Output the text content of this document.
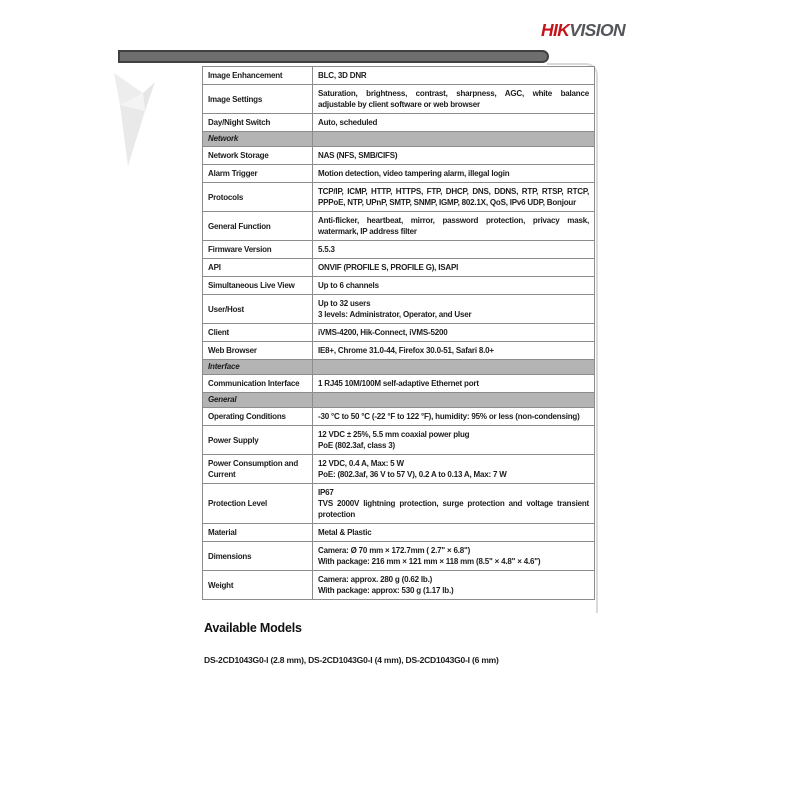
HIKVISION
Image Enhancement	BLC, 3D DNR

Image Settings	Saturation, brightness, contrast, sharpness, AGC, white balance adjustable by client software or web browser

Day/Night Switch	Auto, scheduled

Network	
Network Storage	NAS (NFS, SMB/CIFS)

Alarm Trigger	Motion detection, video tampering alarm, illegal login

Protocols	TCP/IP, ICMP, HTTP, HTTPS, FTP, DHCP, DNS, DDNS, RTP, RTSP, RTCP, PPPoE, NTP, UPnP, SMTP, SNMP, IGMP, 802.1X, QoS, IPv6 UDP, Bonjour

General Function	Anti-flicker, heartbeat, mirror, password protection, privacy mask, watermark, IP address filter

Firmware Version	5.5.3

API	ONVIF (PROFILE S, PROFILE G), ISAPI

Simultaneous Live View	Up to 6 channels

User/Host	Up to 32 users
3 levels: Administrator, Operator, and User

Client	iVMS-4200, Hik-Connect, iVMS-5200

Web Browser	IE8+, Chrome 31.0-44, Firefox 30.0-51, Safari 8.0+

Interface	
Communication Interface	1 RJ45 10M/100M self-adaptive Ethernet port

General	
Operating Conditions	-30 °C to 50 °C (-22 °F to 122 °F), humidity: 95% or less (non-condensing)

Power Supply	12 VDC ± 25%, 5.5 mm coaxial power plug
PoE (802.3af, class 3)

Power Consumption and Current	12 VDC, 0.4 A, Max: 5 W
PoE: (802.3af, 36 V to 57 V), 0.2 A to 0.13 A, Max: 7 W

Protection Level	IP67
TVS 2000V lightning protection, surge protection and voltage transient protection

Material	Metal & Plastic

Dimensions	Camera: Ø 70 mm × 172.7mm ( 2.7" × 6.8")
With package: 216 mm × 121 mm × 118 mm (8.5" × 4.8" × 4.6")

Weight	Camera: approx. 280 g (0.62 lb.)
With package: approx: 530 g (1.17 lb.)
Available Models
DS-2CD1043G0-I (2.8 mm), DS-2CD1043G0-I (4 mm), DS-2CD1043G0-I (6 mm)
